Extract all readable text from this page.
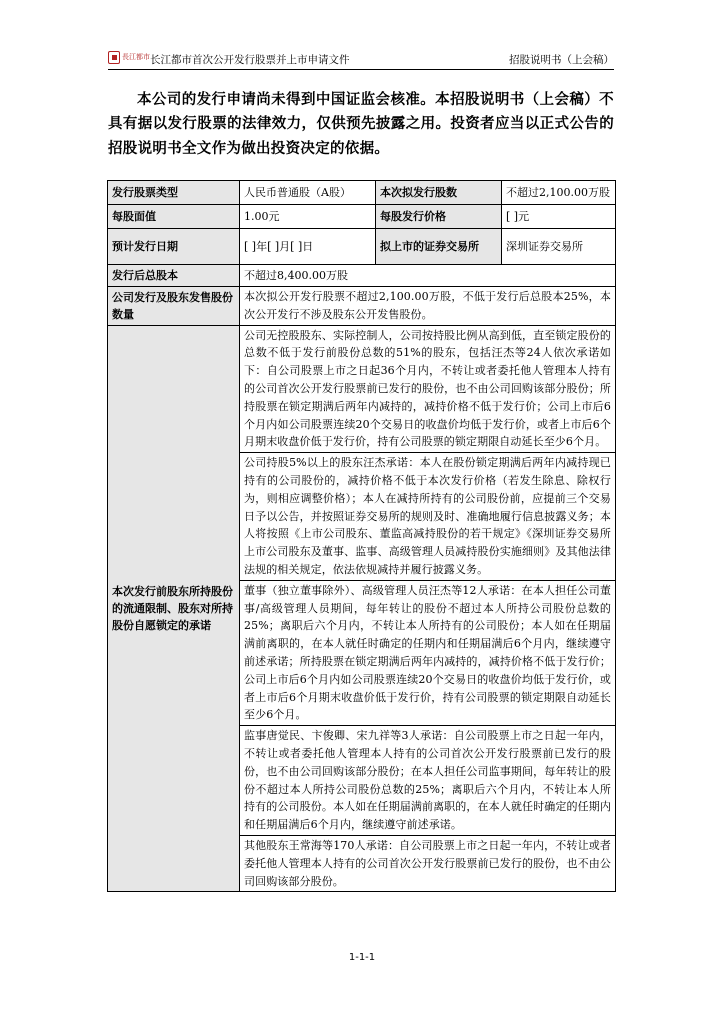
長江都市 长江都市首次公开发行股票并上市申请文件	招股说明书（上会稿）

本公司的发行申请尚未得到中国证监会核准。本招股说明书（上会稿）不具有据以发行股票的法律效力，仅供预先披露之用。投资者应当以正式公告的招股说明书全文作为做出投资决定的依据。

发行股票类型	人民币普通股（A股）	本次拟发行股数	不超过2,100.00万股
每股面值	1.00元	每股发行价格	[ ]元
预计发行日期	[ ]年[ ]月[ ]日	拟上市的证券交易所	深圳证券交易所
发行后总股本	不超过8,400.00万股		
公司发行及股东发售股份数量	本次拟公开发行股票不超过2,100.00万股，不低于发行后总股本25%，本次公开发行不涉及股东公开发售股份。		
本次发行前股东所持股份的流通限制、股东对所持股份自愿锁定的承诺	公司无控股股东、实际控制人，公司按持股比例从高到低，直至锁定股份的总数不低于发行前股份总数的51%的股东，包括汪杰等24人依次承诺如下：自公司股票上市之日起36个月内，不转让或者委托他人管理本人持有的公司首次公开发行股票前已发行的股份，也不由公司回购该部分股份；所持股票在锁定期满后两年内减持的，减持价格不低于发行价；公司上市后6个月内如公司股票连续20个交易日的收盘价均低于发行价，或者上市后6个月期末收盘价低于发行价，持有公司股票的锁定期限自动延长至少6个月。		
	公司持股5%以上的股东汪杰承诺：本人在股份锁定期满后两年内减持现已持有的公司股份的，减持价格不低于本次发行价格（若发生除息、除权行为，则相应调整价格）；本人在减持所持有的公司股份前，应提前三个交易日予以公告，并按照证券交易所的规则及时、准确地履行信息披露义务；本人将按照《上市公司股东、董监高减持股份的若干规定》《深圳证券交易所上市公司股东及董事、监事、高级管理人员减持股份实施细则》及其他法律法规的相关规定，依法依规减持并履行披露义务。		
	董事（独立董事除外）、高级管理人员汪杰等12人承诺：在本人担任公司董事/高级管理人员期间，每年转让的股份不超过本人所持公司股份总数的25%；离职后六个月内，不转让本人所持有的公司股份；本人如在任期届满前离职的，在本人就任时确定的任期内和任期届满后6个月内，继续遵守前述承诺；所持股票在锁定期满后两年内减持的，减持价格不低于发行价；公司上市后6个月内如公司股票连续20个交易日的收盘价均低于发行价，或者上市后6个月期末收盘价低于发行价，持有公司股票的锁定期限自动延长至少6个月。		
	监事唐觉民、卞俊卿、宋九祥等3人承诺：自公司股票上市之日起一年内，不转让或者委托他人管理本人持有的公司首次公开发行股票前已发行的股份，也不由公司回购该部分股份；在本人担任公司监事期间，每年转让的股份不超过本人所持公司股份总数的25%；离职后六个月内，不转让本人所持有的公司股份。本人如在任期届满前离职的，在本人就任时确定的任期内和任期届满后6个月内，继续遵守前述承诺。		
	其他股东王常海等170人承诺：自公司股票上市之日起一年内，不转让或者委托他人管理本人持有的公司首次公开发行股票前已发行的股份，也不由公司回购该部分股份。		
1-1-1
